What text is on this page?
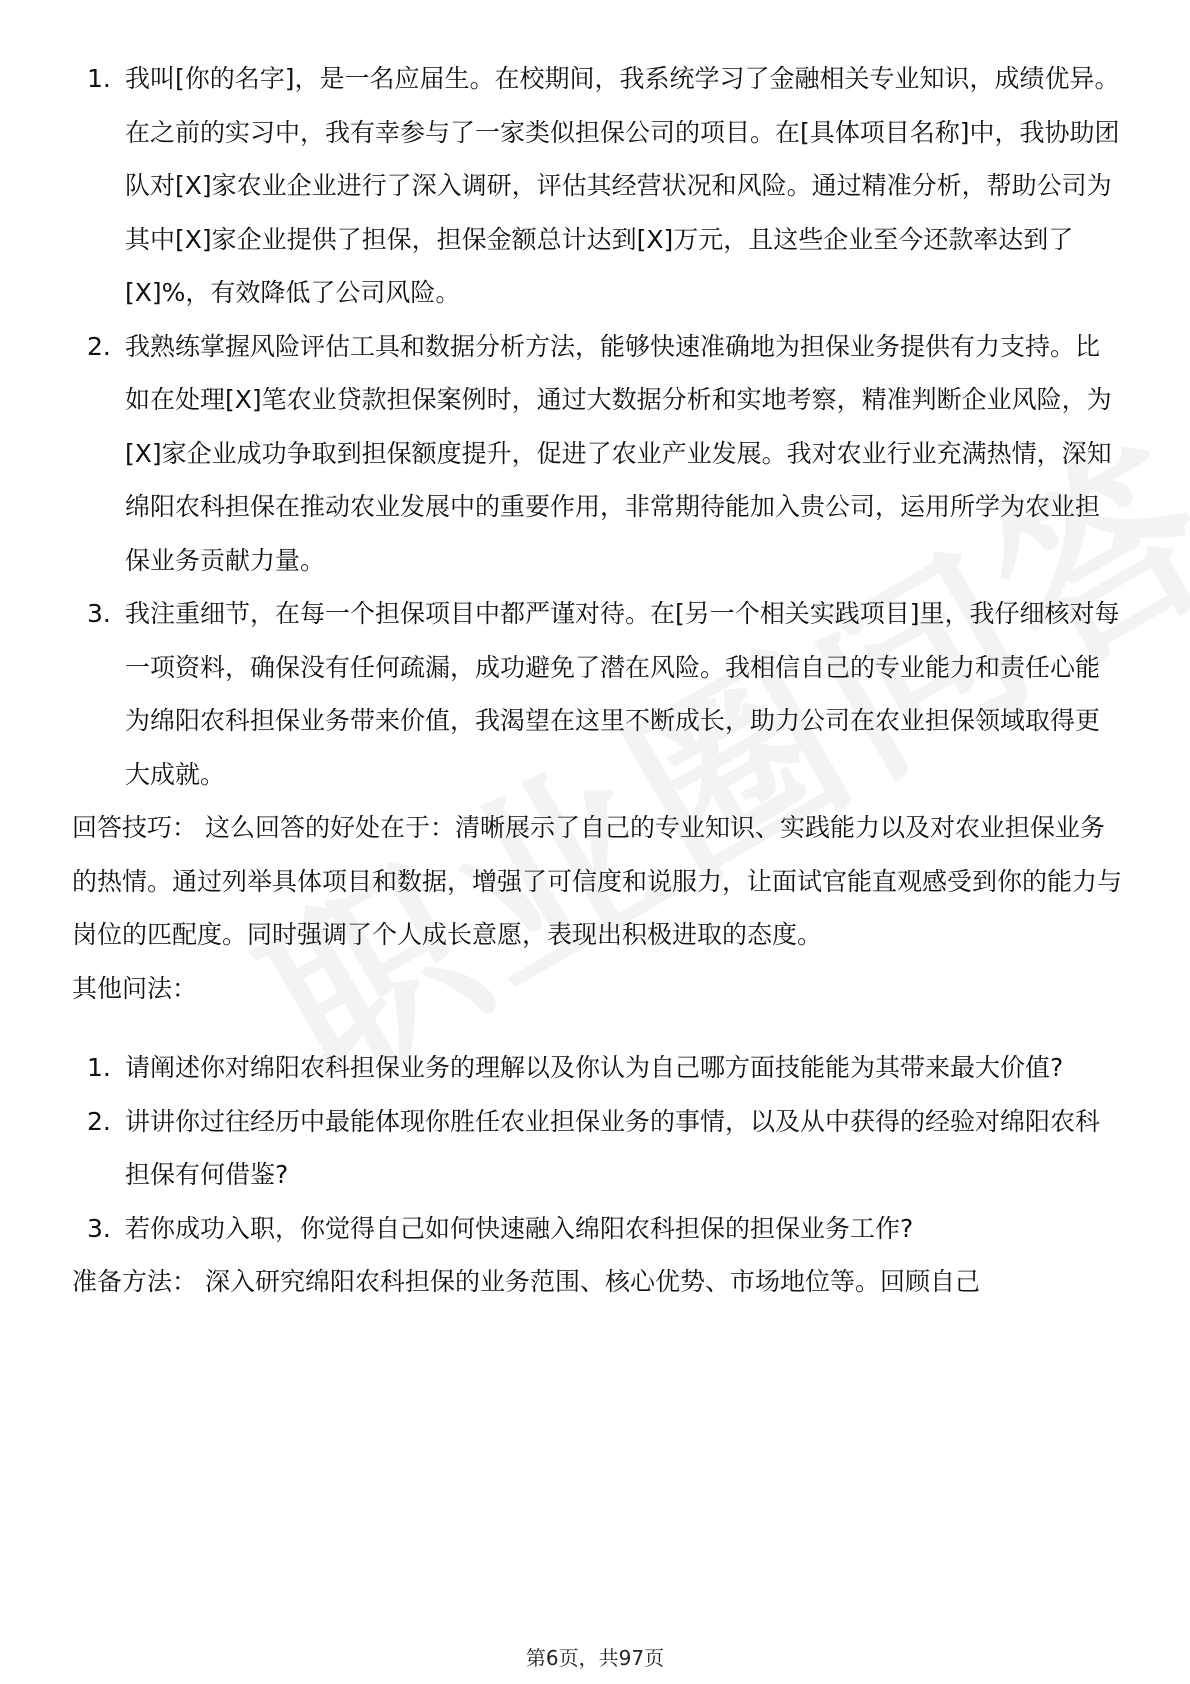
1. 我叫[你的名字]，是一名应届生。在校期间，我系统学习了金融相关专业知识，成绩优异。在之前的实习中，我有幸参与了一家类似担保公司的项目。在[具体项目名称]中，我协助团队对[X]家农业企业进行了深入调研，评估其经营状况和风险。通过精准分析，帮助公司为其中[X]家企业提供了担保，担保金额总计达到[X]万元，且这些企业至今还款率达到了[X]%，有效降低了公司风险。
2. 我熟练掌握风险评估工具和数据分析方法，能够快速准确地为担保业务提供有力支持。比如在处理[X]笔农业贷款担保案例时，通过大数据分析和实地考察，精准判断企业风险，为[X]家企业成功争取到担保额度提升，促进了农业产业发展。我对农业行业充满热情，深知绵阳农科担保在推动农业发展中的重要作用，非常期待能加入贵公司，运用所学为农业担保业务贡献力量。
3. 我注重细节，在每一个担保项目中都严谨对待。在[另一个相关实践项目]里，我仔细核对每一项资料，确保没有任何疏漏，成功避免了潜在风险。我相信自己的专业能力和责任心能为绵阳农科担保业务带来价值，我渴望在这里不断成长，助力公司在农业担保领域取得更大成就。

回答技巧： 这么回答的好处在于：清晰展示了自己的专业知识、实践能力以及对农业担保业务的热情。通过列举具体项目和数据，增强了可信度和说服力，让面试官能直观感受到你的能力与岗位的匹配度。同时强调了个人成长意愿，表现出积极进取的态度。

其他问法：

1. 请阐述你对绵阳农科担保业务的理解以及你认为自己哪方面技能能为其带来最大价值?
2. 讲讲你过往经历中最能体现你胜任农业担保业务的事情，以及从中获得的经验对绵阳农科担保有何借鉴?
3. 若你成功入职，你觉得自己如何快速融入绵阳农科担保的担保业务工作?

准备方法： 深入研究绵阳农科担保的业务范围、核心优势、市场地位等。回顾自己

第6页，共97页
